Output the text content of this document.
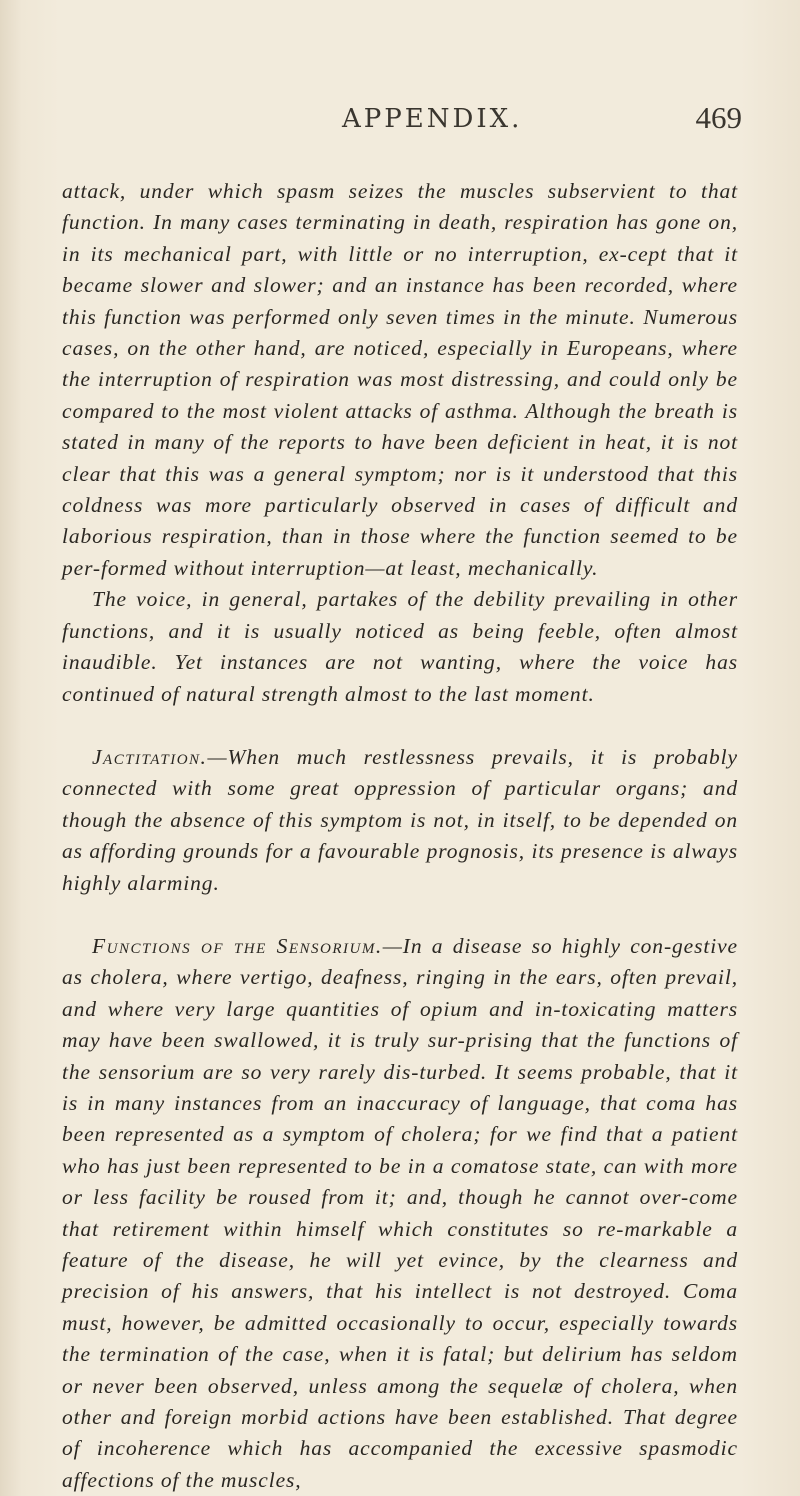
APPENDIX.	469

attack, under which spasm seizes the muscles subservient to that function. In many cases terminating in death, respiration has gone on, in its mechanical part, with little or no interruption, ex-cept that it became slower and slower; and an instance has been recorded, where this function was performed only seven times in the minute. Numerous cases, on the other hand, are noticed, especially in Europeans, where the interruption of respiration was most distressing, and could only be compared to the most violent attacks of asthma. Although the breath is stated in many of the reports to have been deficient in heat, it is not clear that this was a general symptom; nor is it understood that this coldness was more particularly observed in cases of difficult and laborious respiration, than in those where the function seemed to be per-formed without interruption—at least, mechanically.

The voice, in general, partakes of the debility prevailing in other functions, and it is usually noticed as being feeble, often almost inaudible. Yet instances are not wanting, where the voice has continued of natural strength almost to the last moment.

Jactitation.—When much restlessness prevails, it is probably connected with some great oppression of particular organs; and though the absence of this symptom is not, in itself, to be depended on as affording grounds for a favourable prognosis, its presence is always highly alarming.

Functions of the Sensorium.—In a disease so highly con-gestive as cholera, where vertigo, deafness, ringing in the ears, often prevail, and where very large quantities of opium and in-toxicating matters may have been swallowed, it is truly sur-prising that the functions of the sensorium are so very rarely dis-turbed. It seems probable, that it is in many instances from an inaccuracy of language, that coma has been represented as a symptom of cholera; for we find that a patient who has just been represented to be in a comatose state, can with more or less facility be roused from it; and, though he cannot over-come that retirement within himself which constitutes so re-markable a feature of the disease, he will yet evince, by the clearness and precision of his answers, that his intellect is not destroyed. Coma must, however, be admitted occasionally to occur, especially towards the termination of the case, when it is fatal; but delirium has seldom or never been observed, unless among the sequelæ of cholera, when other and foreign morbid actions have been established. That degree of incoherence which has accompanied the excessive spasmodic affections of the muscles,
